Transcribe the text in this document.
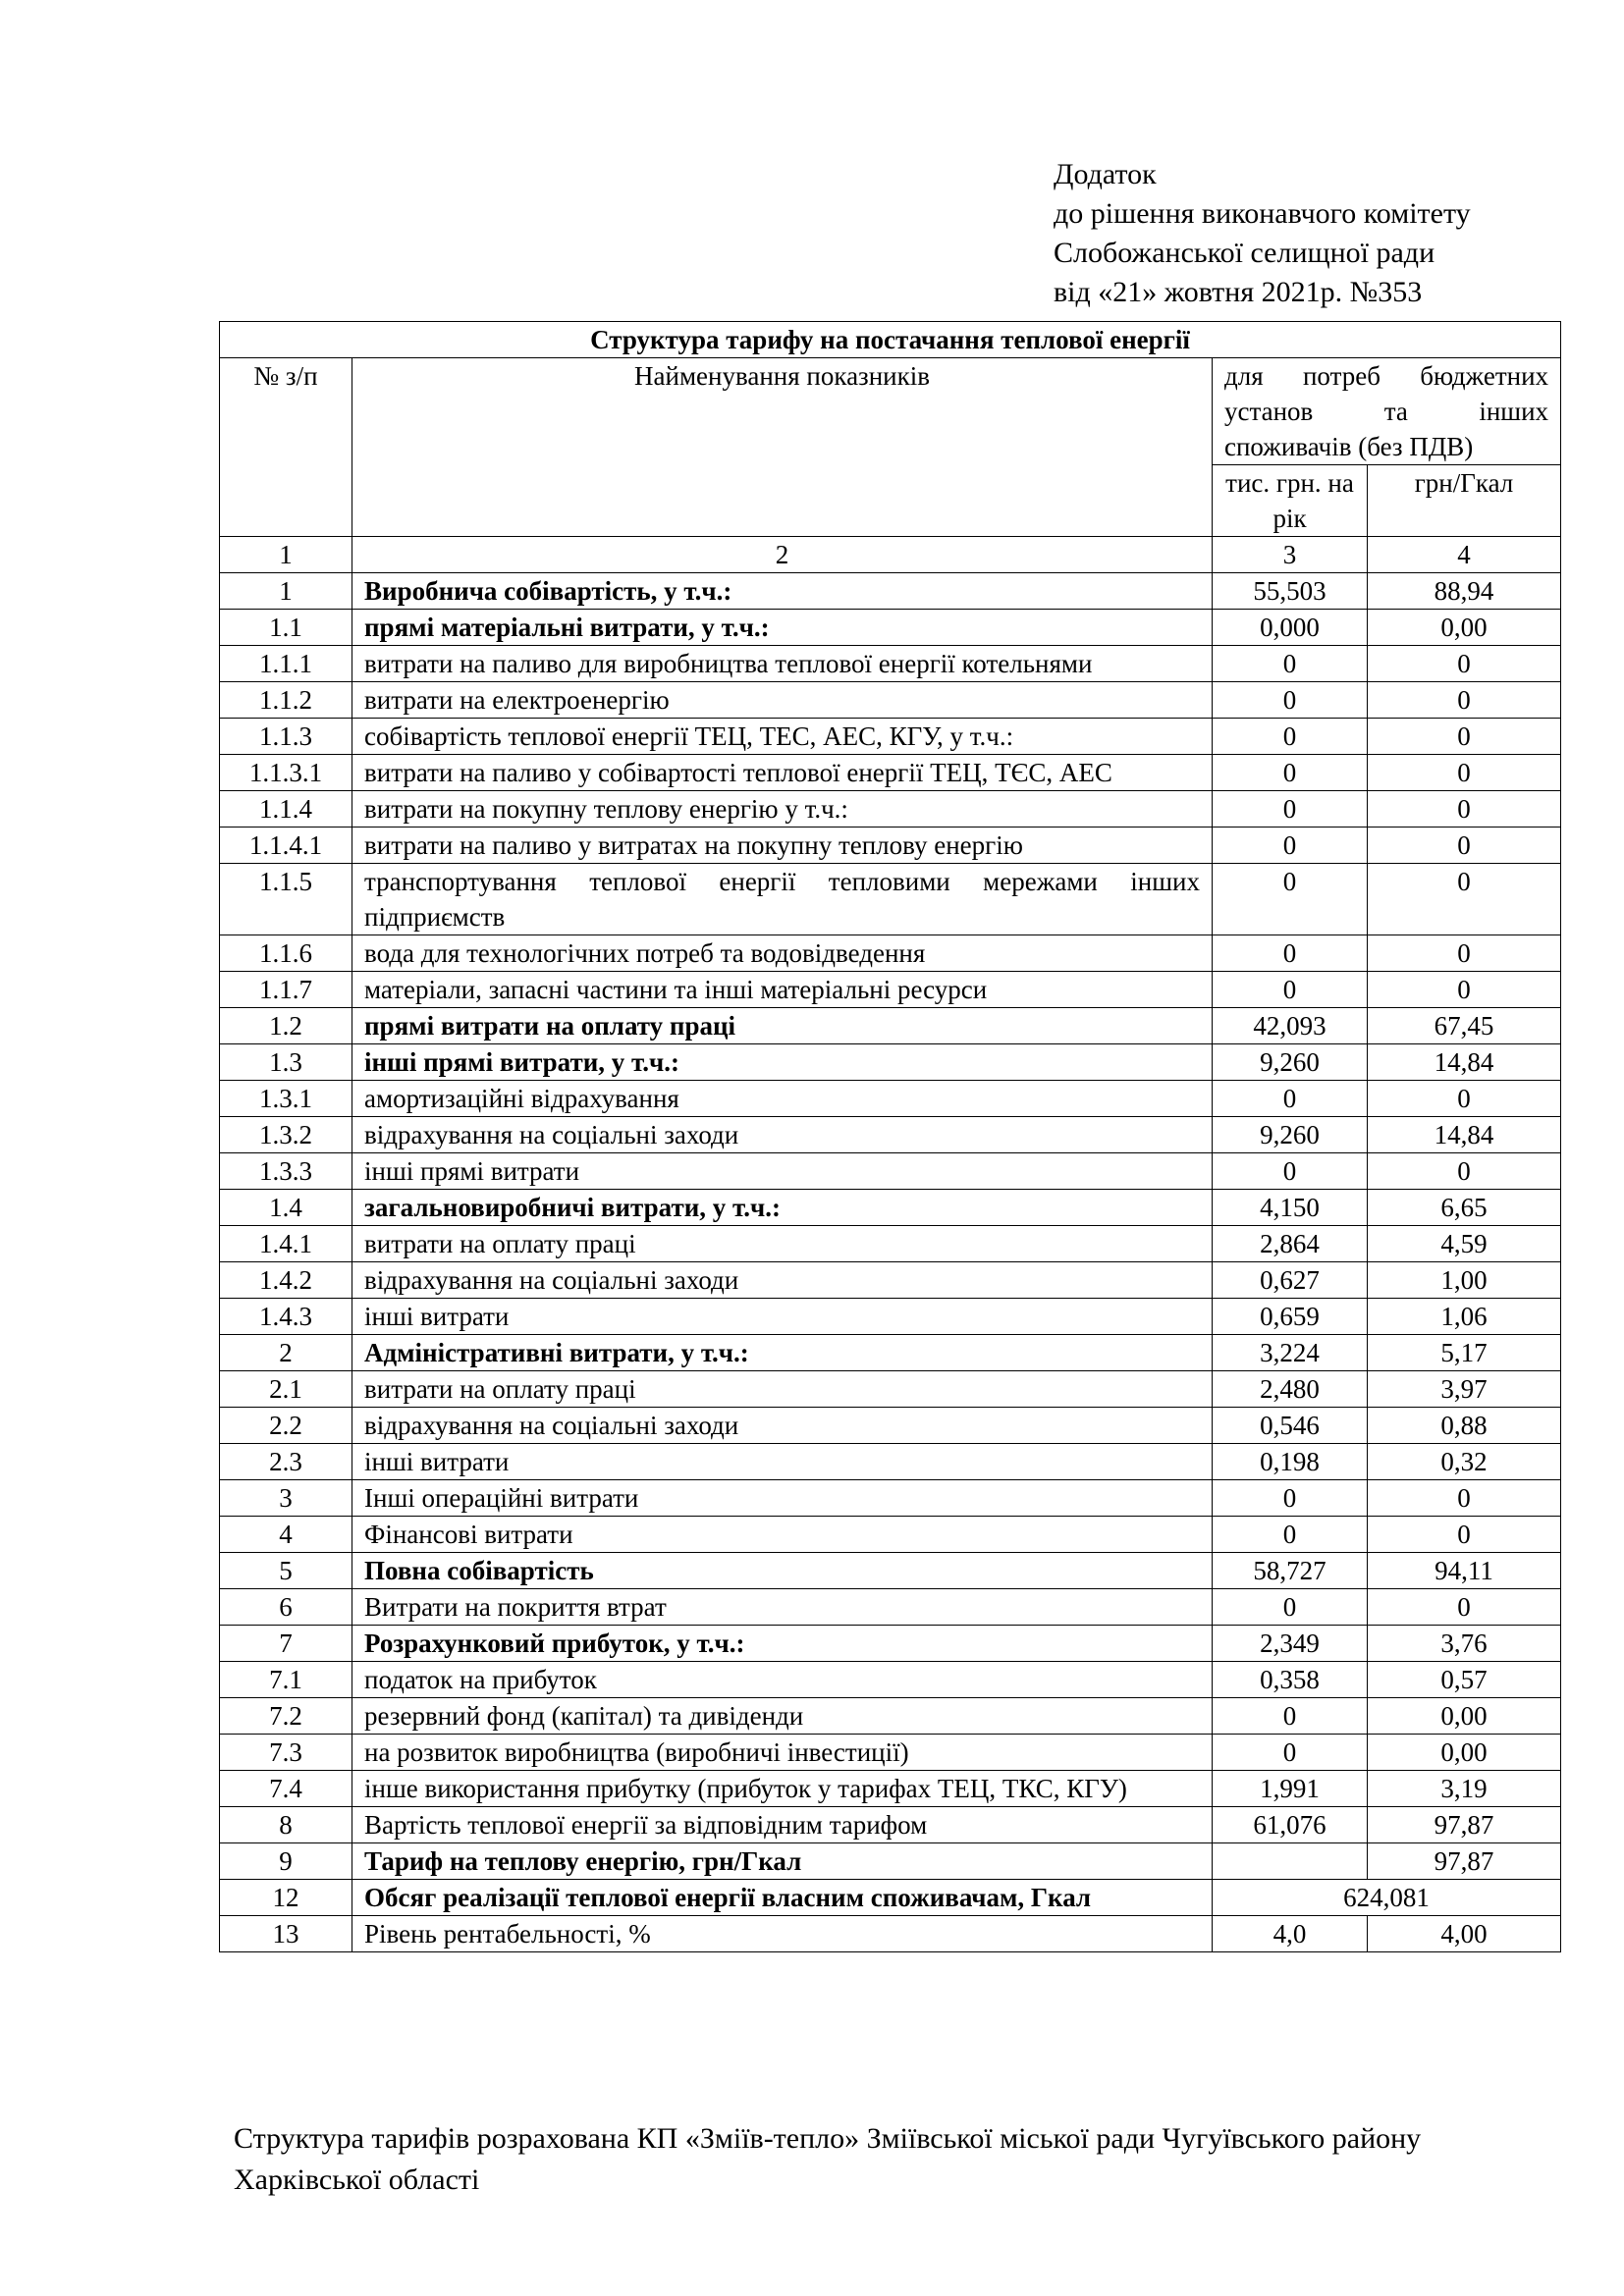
Додаток
до рішення виконавчого комітету
Слобожанської селищної ради
від «21» жовтня 2021р. №353
Структура тарифу на постачання теплової енергії			
№ з/п	Найменування показників	для потреб бюджетних
установ та інших
споживачів (без ПДВ)	

		тис. грн. на рік	грн/Гкал
1	2	3	4
1	Виробнича собівартість, у т.ч.:	55,503	88,94
1.1	прямі матеріальні витрати, у т.ч.:	0,000	0,00
1.1.1	витрати на паливо для виробництва теплової енергії котельнями	0	0
1.1.2	витрати на електроенергію	0	0
1.1.3	собівартість теплової енергії ТЕЦ, ТЕС, АЕС, КГУ, у т.ч.:	0	0
1.1.3.1	витрати на паливо у собівартості теплової енергії ТЕЦ, ТЄС, АЕС	0	0
1.1.4	витрати на покупну теплову енергію у т.ч.:	0	0
1.1.4.1	витрати на паливо у витратах на покупну теплову енергію	0	0
1.1.5	транспортування теплової енергії тепловими мережами інших підприємств	0	0
1.1.6	вода для технологічних потреб та водовідведення	0	0
1.1.7	матеріали, запасні частини та інші матеріальні ресурси	0	0
1.2	прямі витрати на оплату праці	42,093	67,45
1.3	інші прямі витрати, у т.ч.:	9,260	14,84
1.3.1	амортизаційні відрахування	0	0
1.3.2	відрахування на соціальні заходи	9,260	14,84
1.3.3	інші прямі витрати	0	0
1.4	загальновиробничі витрати, у т.ч.:	4,150	6,65
1.4.1	витрати на оплату праці	2,864	4,59
1.4.2	відрахування на соціальні заходи	0,627	1,00
1.4.3	інші витрати	0,659	1,06
2	Адміністративні витрати, у т.ч.:	3,224	5,17
2.1	витрати на оплату праці	2,480	3,97
2.2	відрахування на соціальні заходи	0,546	0,88
2.3	інші витрати	0,198	0,32
3	Інші операційні витрати	0	0
4	Фінансові витрати	0	0
5	Повна собівартість	58,727	94,11
6	Витрати на покриття втрат	0	0
7	Розрахунковий прибуток, у т.ч.:	2,349	3,76
7.1	податок на прибуток	0,358	0,57
7.2	резервний фонд (капітал) та дивіденди	0	0,00
7.3	на розвиток виробництва (виробничі інвестиції)	0	0,00
7.4	інше використання прибутку (прибуток у тарифах ТЕЦ, ТКС, КГУ)	1,991	3,19
8	Вартість теплової енергії за відповідним тарифом	61,076	97,87
9	Тариф на теплову енергію, грн/Гкал		97,87
12	Обсяг реалізації теплової енергії власним споживачам, Гкал	624,081	
13	Рівень рентабельності, %	4,0	4,00
Структура тарифів розрахована КП «Зміїв-тепло» Зміївської міської ради Чугуївського району Харківської області
